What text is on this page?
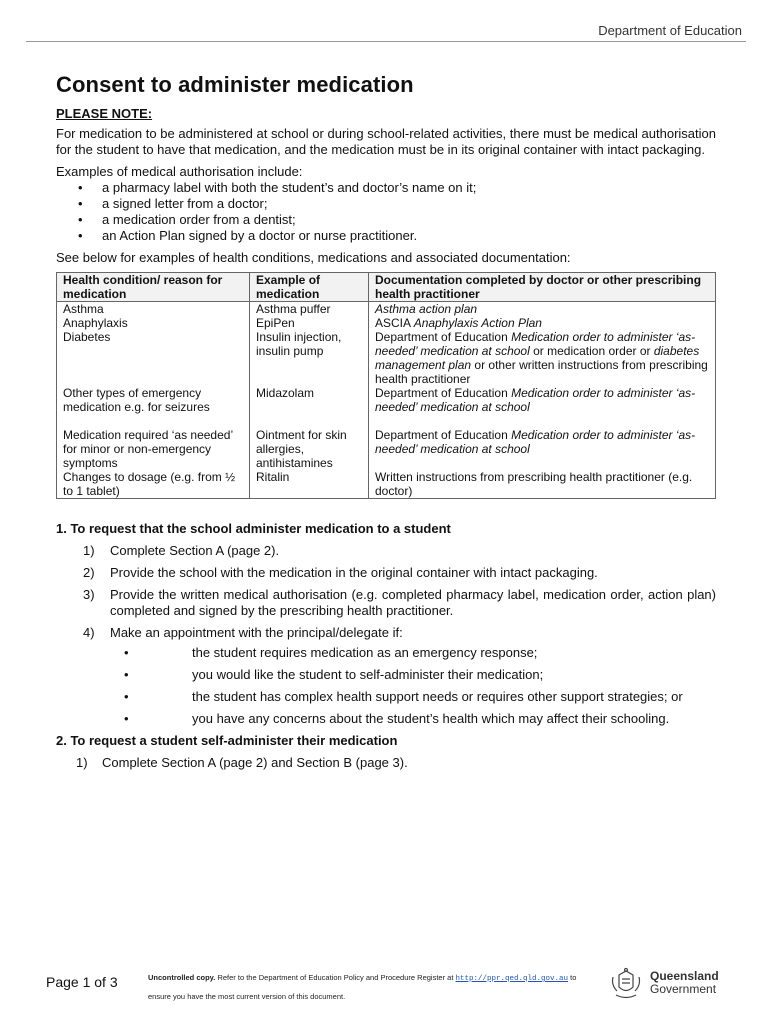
Department of Education
Consent to administer medication
PLEASE NOTE:

For medication to be administered at school or during school-related activities, there must be medical authorisation for the student to have that medication, and the medication must be in its original container with intact packaging.

Examples of medical authorisation include:

• a pharmacy label with both the student’s and doctor’s name on it;
• a signed letter from a doctor;
• a medication order from a dentist;
• an Action Plan signed by a doctor or nurse practitioner.

See below for examples of health conditions, medications and associated documentation:

Health condition/ reason for medication	Example of medication	Documentation completed by doctor or other prescribing health practitioner
Asthma	Asthma puffer	Asthma action plan
Anaphylaxis	EpiPen	ASCIA Anaphylaxis Action Plan
Diabetes	Insulin injection, insulin pump	Department of Education Medication order to administer ‘as-needed’ medication at school or medication order or diabetes management plan or other written instructions from prescribing health practitioner
Other types of emergency medication e.g. for seizures	Midazolam	Department of Education Medication order to administer ‘as-needed’ medication at school

Medication required ‘as needed’ for minor or non-emergency symptoms	Ointment for skin allergies, antihistamines	Department of Education Medication order to administer ‘as-needed’ medication at school
Changes to dosage (e.g. from ½ to 1 tablet)	Ritalin	Written instructions from prescribing health practitioner (e.g. doctor)
1. To request that the school administer medication to a student
1) Complete Section A (page 2).
2) Provide the school with the medication in the original container with intact packaging.
3) Provide the written medical authorisation (e.g. completed pharmacy label, medication order, action plan) completed and signed by the prescribing health practitioner.
4) Make an appointment with the principal/delegate if:
• the student requires medication as an emergency response;
• you would like the student to self-administer their medication;
• the student has complex health support needs or requires other support strategies; or
• you have any concerns about the student’s health which may affect their schooling.
2. To request a student self-administer their medication
1) Complete Section A (page 2) and Section B (page 3).
Page 1 of 3	Uncontrolled copy. Refer to the Department of Education Policy and Procedure Register at http://ppr.qed.qld.gov.au to
ensure you have the most current version of this document.
Queensland
Government
